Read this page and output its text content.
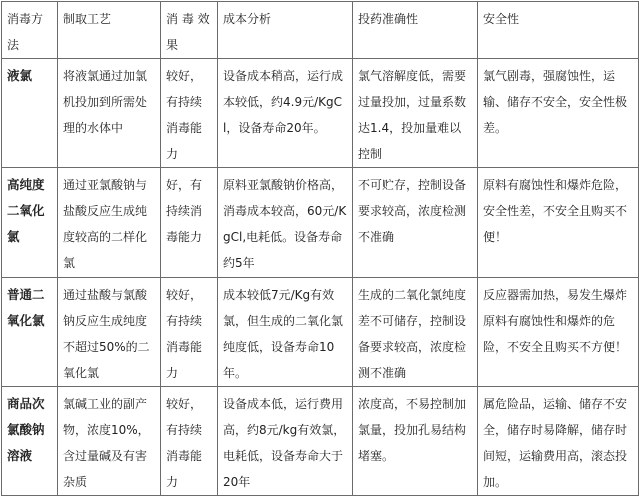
消毒方法	制取工艺	消 毒 效 果	成本分析	投药准确性	安全性
液氯	将液氯通过加氯机投加到所需处理的水体中	较好，有持续消毒能力	设备成本稍高，运行成本较低，约4.9元/KgCl，设备寿命20年。	氯气溶解度低，需要过量投加，过量系数达1.4，投加量难以控制	氯气剧毒，强腐蚀性，运输、储存不安全，安全性极差。
高纯度二氧化氯	通过亚氯酸钠与盐酸反应生成纯度较高的二样化氯	好，有持续消毒能力	原料亚氯酸钠价格高，消毒成本较高，60元/KgCl,电耗低。设备寿命约5年	不可贮存，控制设备要求较高，浓度检测不准确	原料有腐蚀性和爆炸危险，安全性差，不安全且购买不便！
普通二氧化氯	通过盐酸与氯酸钠反应生成纯度不超过50%的二氧化氯	较好，有持续消毒能力	成本较低7元/Kg有效氯，但生成的二氧化氯纯度低，设备寿命10年。	生成的二氧化氯纯度差不可储存，控制设备要求较高，浓度检测不准确	反应器需加热，易发生爆炸原料有腐蚀性和爆炸的危险，不安全且购买不方便！
商品次氯酸钠溶液	氯碱工业的副产物，浓度10%，含过量碱及有害杂质	较好，有持续消毒能力	设备成本低，运行费用高，约8元/kg有效氯，电耗低，设备寿命大于20年	浓度高，不易控制加氯量，投加孔易结构堵塞。	属危险品，运输、储存不安全，储存时易降解，储存时间短，运输费用高，滚态投加。
